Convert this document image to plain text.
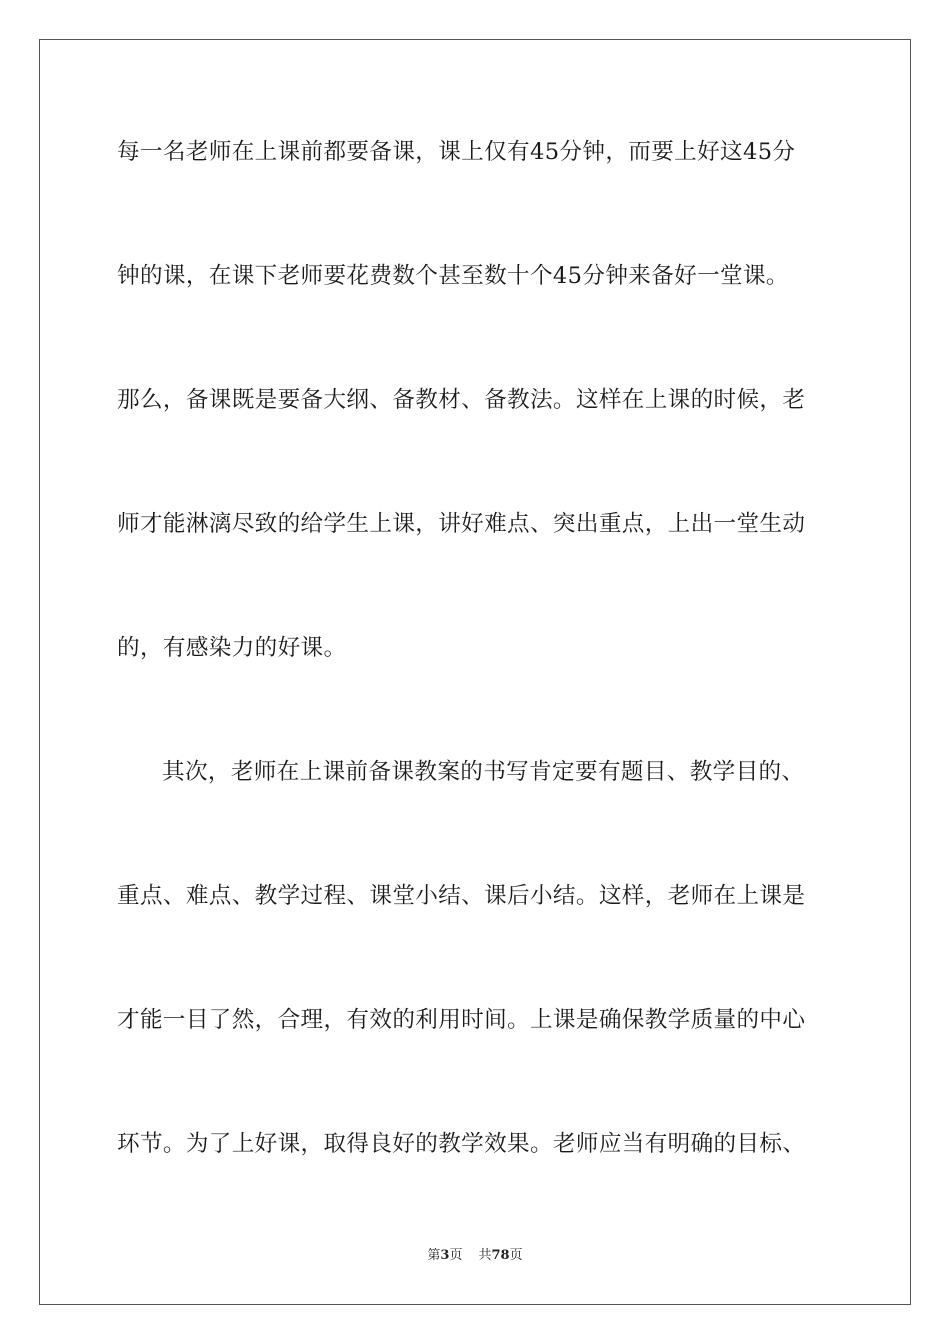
每一名老师在上课前都要备课，课上仅有45分钟，而要上好这45分
钟的课，在课下老师要花费数个甚至数十个45分钟来备好一堂课。
那么，备课既是要备大纲、备教材、备教法。这样在上课的时候，老
师才能淋漓尽致的给学生上课，讲好难点、突出重点，上出一堂生动
的，有感染力的好课。
其次，老师在上课前备课教案的书写肯定要有题目、教学目的、
重点、难点、教学过程、课堂小结、课后小结。这样，老师在上课是
才能一目了然，合理，有效的利用时间。上课是确保教学质量的中心
环节。为了上好课，取得良好的教学效果。老师应当有明确的目标、
第3页 共78页
